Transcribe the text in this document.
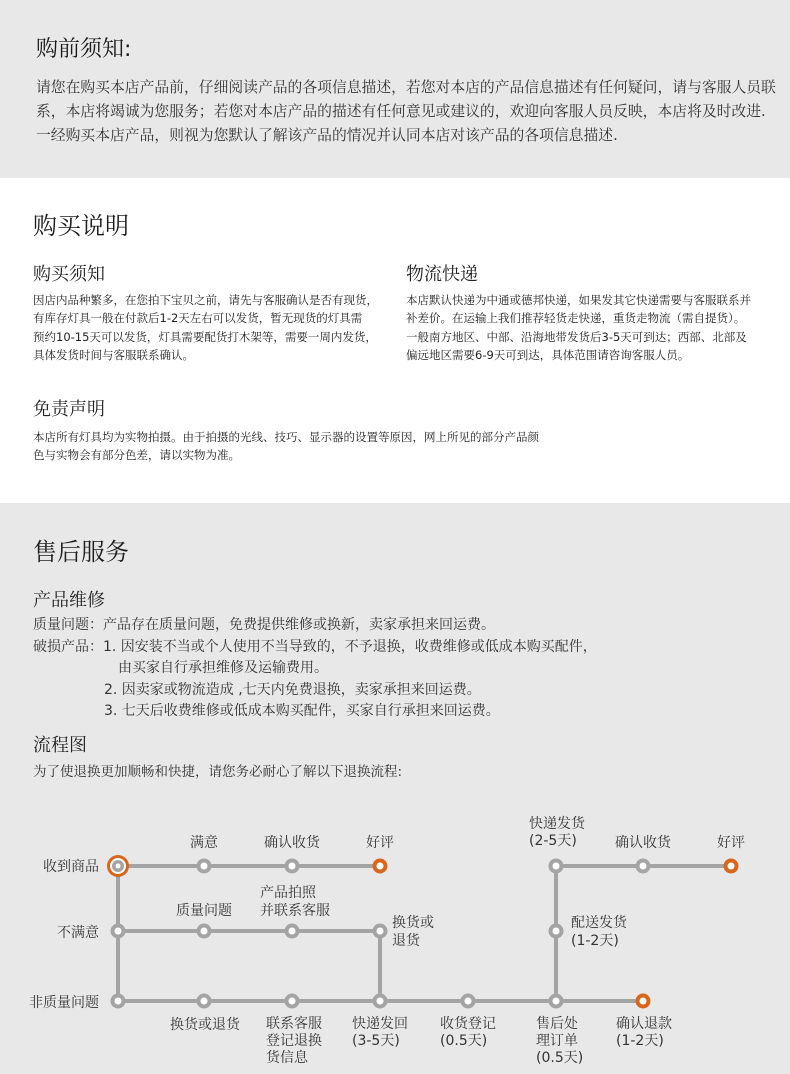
购前须知:
请您在购买本店产品前，仔细阅读产品的各项信息描述，若您对本店的产品信息描述有任何疑问，请与客服人员联
系，本店将竭诚为您服务；若您对本店产品的描述有任何意见或建议的，欢迎向客服人员反映，本店将及时改进.
一经购买本店产品，则视为您默认了解该产品的情况并认同本店对该产品的各项信息描述.
购买说明
购买须知
因店内品种繁多，在您拍下宝贝之前，请先与客服确认是否有现货，
有库存灯具一般在付款后1-2天左右可以发货，暂无现货的灯具需
预约10-15天可以发货，灯具需要配货打木架等，需要一周内发货，
具体发货时间与客服联系确认。
物流快递
本店默认快递为中通或德邦快递，如果发其它快递需要与客服联系并
补差价。在运输上我们推荐轻货走快递，重货走物流（需自提货）。
一般南方地区、中部、沿海地带发货后3-5天可到达；西部、北部及
偏远地区需要6-9天可到达，具体范围请咨询客服人员。
免责声明
本店所有灯具均为实物拍摄。由于拍摄的光线、技巧、显示器的设置等原因，网上所见的部分产品颜
色与实物会有部分色差，请以实物为准。
售后服务
产品维修
质量问题：产品存在质量问题，免费提供维修或换新，卖家承担来回运费。
破损产品：1. 因安装不当或个人使用不当导致的，不予退换，收费维修或低成本购买配件，
由买家自行承担维修及运输费用。
2. 因卖家或物流造成 ,七天内免费退换，卖家承担来回运费。
3. 七天后收费维修或低成本购买配件，买家自行承担来回运费。
流程图
为了使退换更加顺畅和快捷，请您务必耐心了解以下退换流程:
收到商品
不满意
非质量问题
满意	确认收货	好评
快递发货
(2-5天)	确认收货	好评
质量问题
产品拍照
并联系客服
换货或
退货
配送发货
(1-2天)
换货或退货	联系客服
登记退换
货信息
快递发回
(3-5天)
收货登记
(0.5天)
售后处
理订单
(0.5天)
确认退款
(1-2天)
